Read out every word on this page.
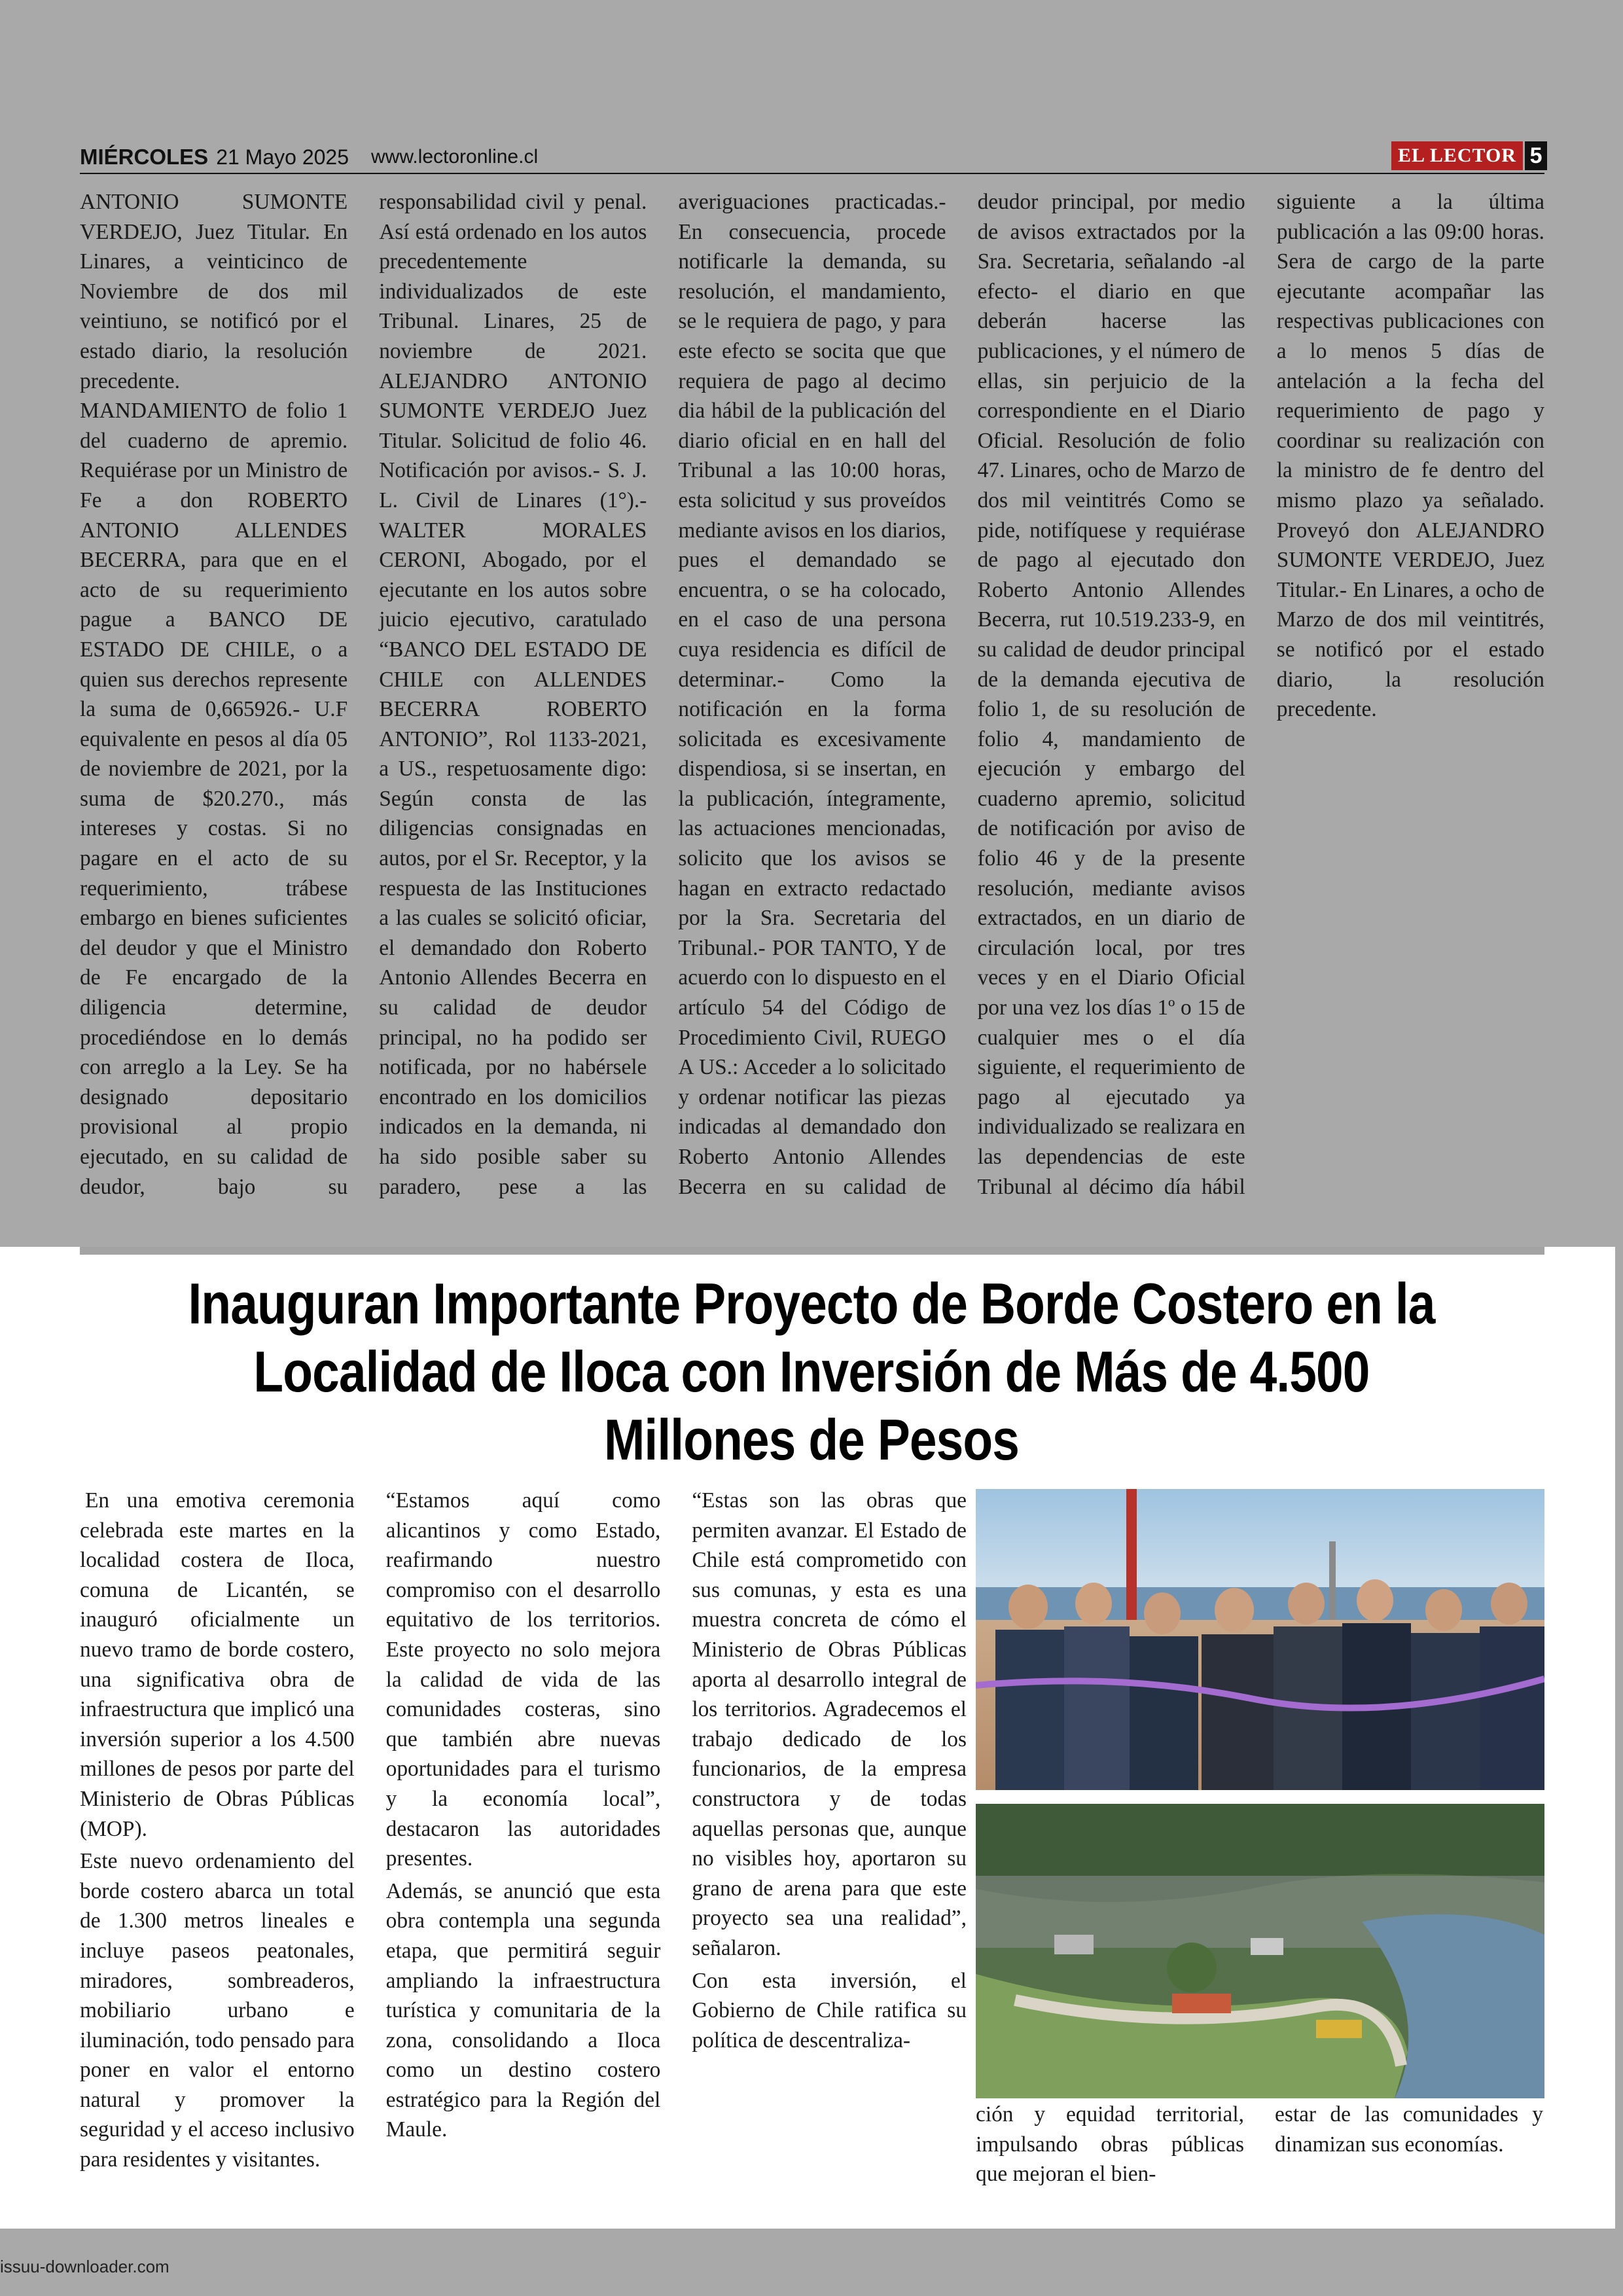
issuu-downloader.com
MIÉRCOLES 21 Mayo 2025 www.lectoronline.cl	EL LECTOR 5

ANTONIO SUMONTE VERDEJO, Juez Titular. En Linares, a veinticinco de Noviembre de dos mil veintiuno, se notificó por el estado diario, la resolución precedente. MANDAMIENTO de folio 1 del cuaderno de apremio. Requiérase por un Ministro de Fe a don ROBERTO ANTONIO ALLENDES BECERRA, para que en el acto de su requerimiento pague a BANCO DE ESTADO DE CHILE, o a quien sus derechos represente la suma de 0,665926.- U.F equivalente en pesos al día 05 de noviembre de 2021, por la suma de $20.270., más intereses y costas. Si no pagare en el acto de su requerimiento, trábese embargo en bienes suficientes del deudor y que el Ministro de Fe encargado de la diligencia determine, procediéndose en lo demás con arreglo a la Ley. Se ha designado depositario provisional al propio ejecutado, en su calidad de deudor, bajo su responsabilidad civil y penal. Así está ordenado en los autos precedentemente individualizados de este Tribunal. Linares, 25 de noviembre de 2021. ALEJANDRO ANTONIO SUMONTE VERDEJO Juez Titular. Solicitud de folio 46. Notificación por avisos.- S. J. L. Civil de Linares (1°).- WALTER MORALES CERONI, Abogado, por el ejecutante en los autos sobre juicio ejecutivo, caratulado “BANCO DEL ESTADO DE CHILE con ALLENDES BECERRA ROBERTO ANTONIO”, Rol 1133-2021, a US., respetuosamente digo: Según consta de las diligencias consignadas en autos, por el Sr. Receptor, y la respuesta de las Instituciones a las cuales se solicitó oficiar, el demandado don Roberto Antonio Allendes Becerra en su calidad de deudor principal, no ha podido ser notificada, por no habérsele encontrado en los domicilios indicados en la demanda, ni ha sido posible saber su paradero, pese a las averiguaciones practicadas.- En consecuencia, procede notificarle la demanda, su resolución, el mandamiento, se le requiera de pago, y para este efecto se socita que que requiera de pago al decimo dia hábil de la publicación del diario oficial en en hall del Tribunal a las 10:00 horas, esta solicitud y sus proveídos mediante avisos en los diarios, pues el demandado se encuentra, o se ha colocado, en el caso de una persona cuya residencia es difícil de determinar.- Como la notificación en la forma solicitada es excesivamente dispendiosa, si se insertan, en la publicación, íntegramente, las actuaciones mencionadas, solicito que los avisos se hagan en extracto redactado por la Sra. Secretaria del Tribunal.- POR TANTO, Y de acuerdo con lo dispuesto en el artículo 54 del Código de Procedimiento Civil, RUEGO A US.: Acceder a lo solicitado y ordenar notificar las piezas indicadas al demandado don Roberto Antonio Allendes Becerra en su calidad de deudor principal, por medio de avisos extractados por la Sra. Secretaria, señalando -al efecto- el diario en que deberán hacerse las publicaciones, y el número de ellas, sin perjuicio de la correspondiente en el Diario Oficial. Resolución de folio 47. Linares, ocho de Marzo de dos mil veintitrés Como se pide, notifíquese y requiérase de pago al ejecutado don Roberto Antonio Allendes Becerra, rut 10.519.233-9, en su calidad de deudor principal de la demanda ejecutiva de folio 1, de su resolución de folio 4, mandamiento de ejecución y embargo del cuaderno apremio, solicitud de notificación por aviso de folio 46 y de la presente resolución, mediante avisos extractados, en un diario de circulación local, por tres veces y en el Diario Oficial por una vez los días 1º o 15 de cualquier mes o el día siguiente, el requerimiento de pago al ejecutado ya individualizado se realizara en las dependencias de este Tribunal al décimo día hábil siguiente a la última publicación a las 09:00 horas. Sera de cargo de la parte ejecutante acompañar las respectivas publicaciones con a lo menos 5 días de antelación a la fecha del requerimiento de pago y coordinar su realización con la ministro de fe dentro del mismo plazo ya señalado. Proveyó don ALEJANDRO SUMONTE VERDEJO, Juez Titular.- En Linares, a ocho de Marzo de dos mil veintitrés, se notificó por el estado diario, la resolución precedente.

Inauguran Importante Proyecto de Borde Costero en la Localidad de Iloca con Inversión de Más de 4.500 Millones de Pesos

En una emotiva ceremonia celebrada este martes en la localidad costera de Iloca, comuna de Licantén, se inauguró oficialmente un nuevo tramo de borde costero, una significativa obra de infraestructura que implicó una inversión superior a los 4.500 millones de pesos por parte del Ministerio de Obras Públicas (MOP).

Este nuevo ordenamiento del borde costero abarca un total de 1.300 metros lineales e incluye paseos peatonales, miradores, sombreaderos, mobiliario urbano e iluminación, todo pensado para poner en valor el entorno natural y promover la seguridad y el acceso inclusivo para residentes y visitantes.

“Estamos aquí como alicantinos y como Estado, reafirmando nuestro compromiso con el desarrollo equitativo de los territorios. Este proyecto no solo mejora la calidad de vida de las comunidades costeras, sino que también abre nuevas oportunidades para el turismo y la economía local”, destacaron las autoridades presentes.

Además, se anunció que esta obra contempla una segunda etapa, que permitirá seguir ampliando la infraestructura turística y comunitaria de la zona, consolidando a Iloca como un destino costero estratégico para la Región del Maule.

“Estas son las obras que permiten avanzar. El Estado de Chile está comprometido con sus comunas, y esta es una muestra concreta de cómo el Ministerio de Obras Públicas aporta al desarrollo integral de los territorios. Agradecemos el trabajo dedicado de los funcionarios, de la empresa constructora y de todas aquellas personas que, aunque no visibles hoy, aportaron su grano de arena para que este proyecto sea una realidad”, señalaron.

Con esta inversión, el Gobierno de Chile ratifica su política de descentraliza-

ción y equidad territorial, impulsando obras públicas que mejoran el bien-

estar de las comunidades y dinamizan sus economías.
